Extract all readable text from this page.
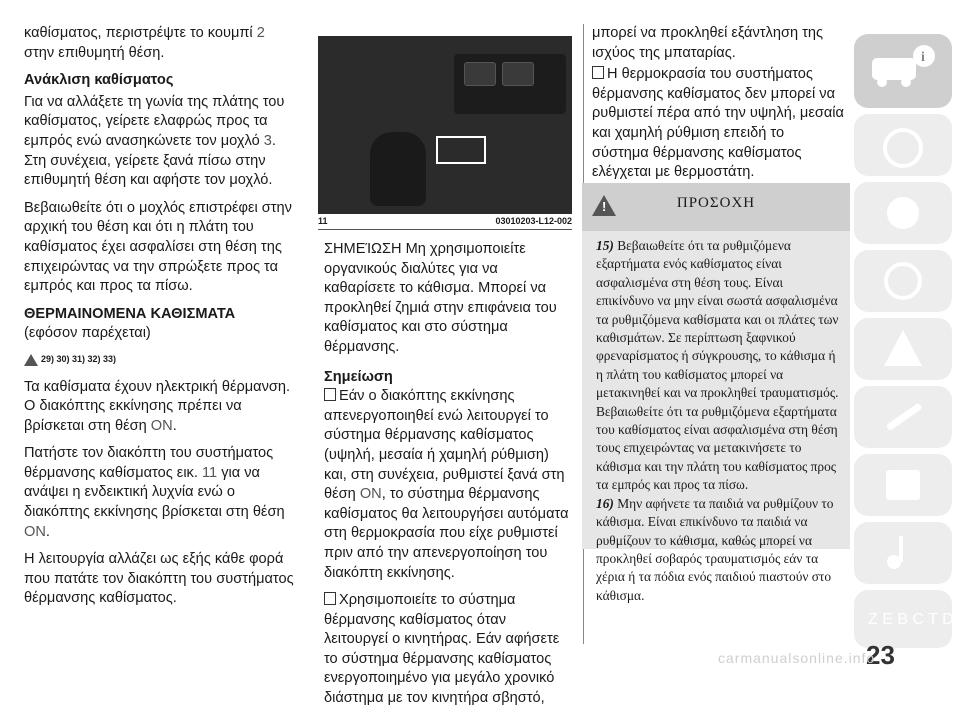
καθίσματος, περιστρέψτε το κουμπί 2 στην επιθυμητή θέση.

Ανάκλιση καθίσματος

Για να αλλάξετε τη γωνία της πλάτης του καθίσματος, γείρετε ελαφρώς προς τα εμπρός ενώ ανασηκώνετε τον μοχλό 3. Στη συνέχεια, γείρετε ξανά πίσω στην επιθυμητή θέση και αφήστε τον μοχλό.

Βεβαιωθείτε ότι ο μοχλός επιστρέφει στην αρχική του θέση και ότι η πλάτη του καθίσματος έχει ασφαλίσει στη θέση της επιχειρώντας να την σπρώξετε προς τα εμπρός και προς τα πίσω.

ΘΕΡΜΑΙΝΟΜΕΝΑ ΚΑΘΙΣΜΑΤΑ
(εφόσον παρέχεται)
29) 30) 31) 32) 33)

Τα καθίσματα έχουν ηλεκτρική θέρμανση. Ο διακόπτης εκκίνησης πρέπει να βρίσκεται στη θέση ON.

Πατήστε τον διακόπτη του συστήματος θέρμανσης καθίσματος εικ. 11 για να ανάψει η ενδεικτική λυχνία ενώ ο διακόπτης εκκίνησης βρίσκεται στη θέση ON.

Η λειτουργία αλλάζει ως εξής κάθε φορά που πατάτε τον διακόπτη του συστήματος θέρμανσης καθίσματος.

11	03010203-L12-002

ΣΗΜΕΊΩΣΗ Μη χρησιμοποιείτε οργανικούς διαλύτες για να καθαρίσετε το κάθισμα. Μπορεί να προκληθεί ζημιά στην επιφάνεια του καθίσματος και στο σύστημα θέρμανσης.

Σημείωση

Εάν ο διακόπτης εκκίνησης απενεργοποιηθεί ενώ λειτουργεί το σύστημα θέρμανσης καθίσματος (υψηλή, μεσαία ή χαμηλή ρύθμιση) και, στη συνέχεια, ρυθμιστεί ξανά στη θέση ON, το σύστημα θέρμανσης καθίσματος θα λειτουργήσει αυτόματα στη θερμοκρασία που είχε ρυθμιστεί πριν από την απενεργοποίηση του διακόπτη εκκίνησης.

Χρησιμοποιείτε το σύστημα θέρμανσης καθίσματος όταν λειτουργεί ο κινητήρας. Εάν αφήσετε το σύστημα θέρμανσης καθίσματος ενεργοποιημένο για μεγάλο χρονικό διάστημα με τον κινητήρα σβηστό,

μπορεί να προκληθεί εξάντληση της ισχύος της μπαταρίας.

Η θερμοκρασία του συστήματος θέρμανσης καθίσματος δεν μπορεί να ρυθμιστεί πέρα από την υψηλή, μεσαία και χαμηλή ρύθμιση επειδή το σύστημα θέρμανσης καθίσματος ελέγχεται με θερμοστάτη.

!	ΠΡΟΣΟΧΗ
15) Βεβαιωθείτε ότι τα ρυθμιζόμενα εξαρτήματα ενός καθίσματος είναι ασφαλισμένα στη θέση τους. Είναι επικίνδυνο να μην είναι σωστά ασφαλισμένα τα ρυθμιζόμενα καθίσματα και οι πλάτες των καθισμάτων. Σε περίπτωση ξαφνικού φρεναρίσματος ή σύγκρουσης, το κάθισμα ή η πλάτη του καθίσματος μπορεί να μετακινηθεί και να προκληθεί τραυματισμός. Βεβαιωθείτε ότι τα ρυθμιζόμενα εξαρτήματα του καθίσματος είναι ασφαλισμένα στη θέση τους επιχειρώντας να μετακινήσετε το κάθισμα και την πλάτη του καθίσματος προς τα εμπρός και προς τα πίσω.
16) Μην αφήνετε τα παιδιά να ρυθμίζουν το κάθισμα. Είναι επικίνδυνο τα παιδιά να ρυθμίζουν το κάθισμα, καθώς μπορεί να προκληθεί σοβαρός τραυματισμός εάν τα χέρια ή τα πόδια ενός παιδιού πιαστούν στο κάθισμα.
i
Z E B C T D
23
carmanualsonline.info
